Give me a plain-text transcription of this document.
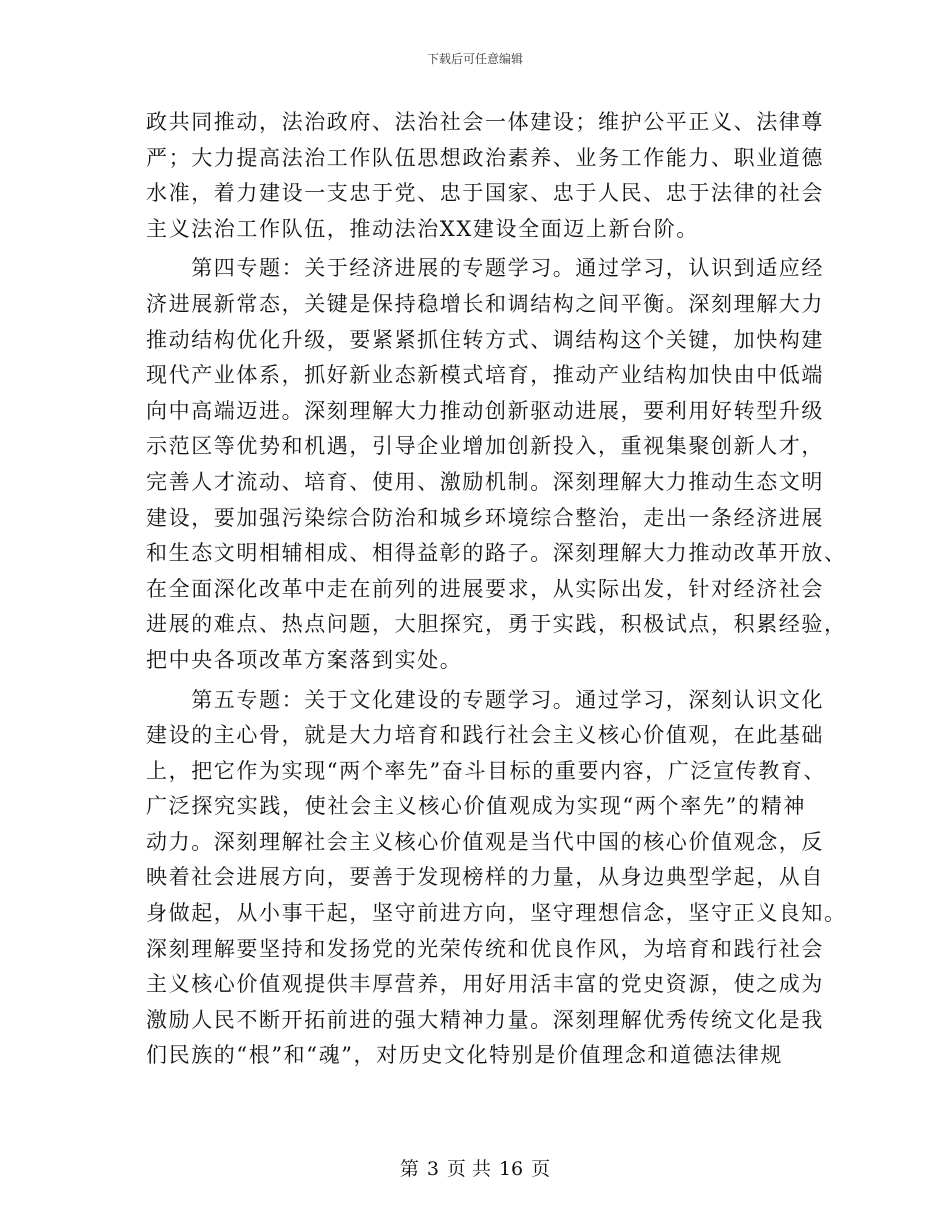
下载后可任意编辑
政共同推动，法治政府、法治社会一体建设；维护公平正义、法律尊
严；大力提高法治工作队伍思想政治素养、业务工作能力、职业道德
水准，着力建设一支忠于党、忠于国家、忠于人民、忠于法律的社会
主义法治工作队伍，推动法治XX建设全面迈上新台阶。
　　第四专题：关于经济进展的专题学习。通过学习，认识到适应经
济进展新常态，关键是保持稳增长和调结构之间平衡。深刻理解大力
推动结构优化升级，要紧紧抓住转方式、调结构这个关键，加快构建
现代产业体系，抓好新业态新模式培育，推动产业结构加快由中低端
向中高端迈进。深刻理解大力推动创新驱动进展，要利用好转型升级
示范区等优势和机遇，引导企业增加创新投入，重视集聚创新人才，
完善人才流动、培育、使用、激励机制。深刻理解大力推动生态文明
建设，要加强污染综合防治和城乡环境综合整治，走出一条经济进展
和生态文明相辅相成、相得益彰的路子。深刻理解大力推动改革开放、
在全面深化改革中走在前列的进展要求，从实际出发，针对经济社会
进展的难点、热点问题，大胆探究，勇于实践，积极试点，积累经验，
把中央各项改革方案落到实处。
　　第五专题：关于文化建设的专题学习。通过学习，深刻认识文化
建设的主心骨，就是大力培育和践行社会主义核心价值观，在此基础
上，把它作为实现“两个率先”奋斗目标的重要内容，广泛宣传教育、
广泛探究实践，使社会主义核心价值观成为实现“两个率先”的精神
动力。深刻理解社会主义核心价值观是当代中国的核心价值观念，反
映着社会进展方向，要善于发现榜样的力量，从身边典型学起，从自
身做起，从小事干起，坚守前进方向，坚守理想信念，坚守正义良知。
深刻理解要坚持和发扬党的光荣传统和优良作风，为培育和践行社会
主义核心价值观提供丰厚营养，用好用活丰富的党史资源，使之成为
激励人民不断开拓前进的强大精神力量。深刻理解优秀传统文化是我
们民族的“根”和“魂”，对历史文化特别是价值理念和道德法律规
第 3 页 共 16 页
